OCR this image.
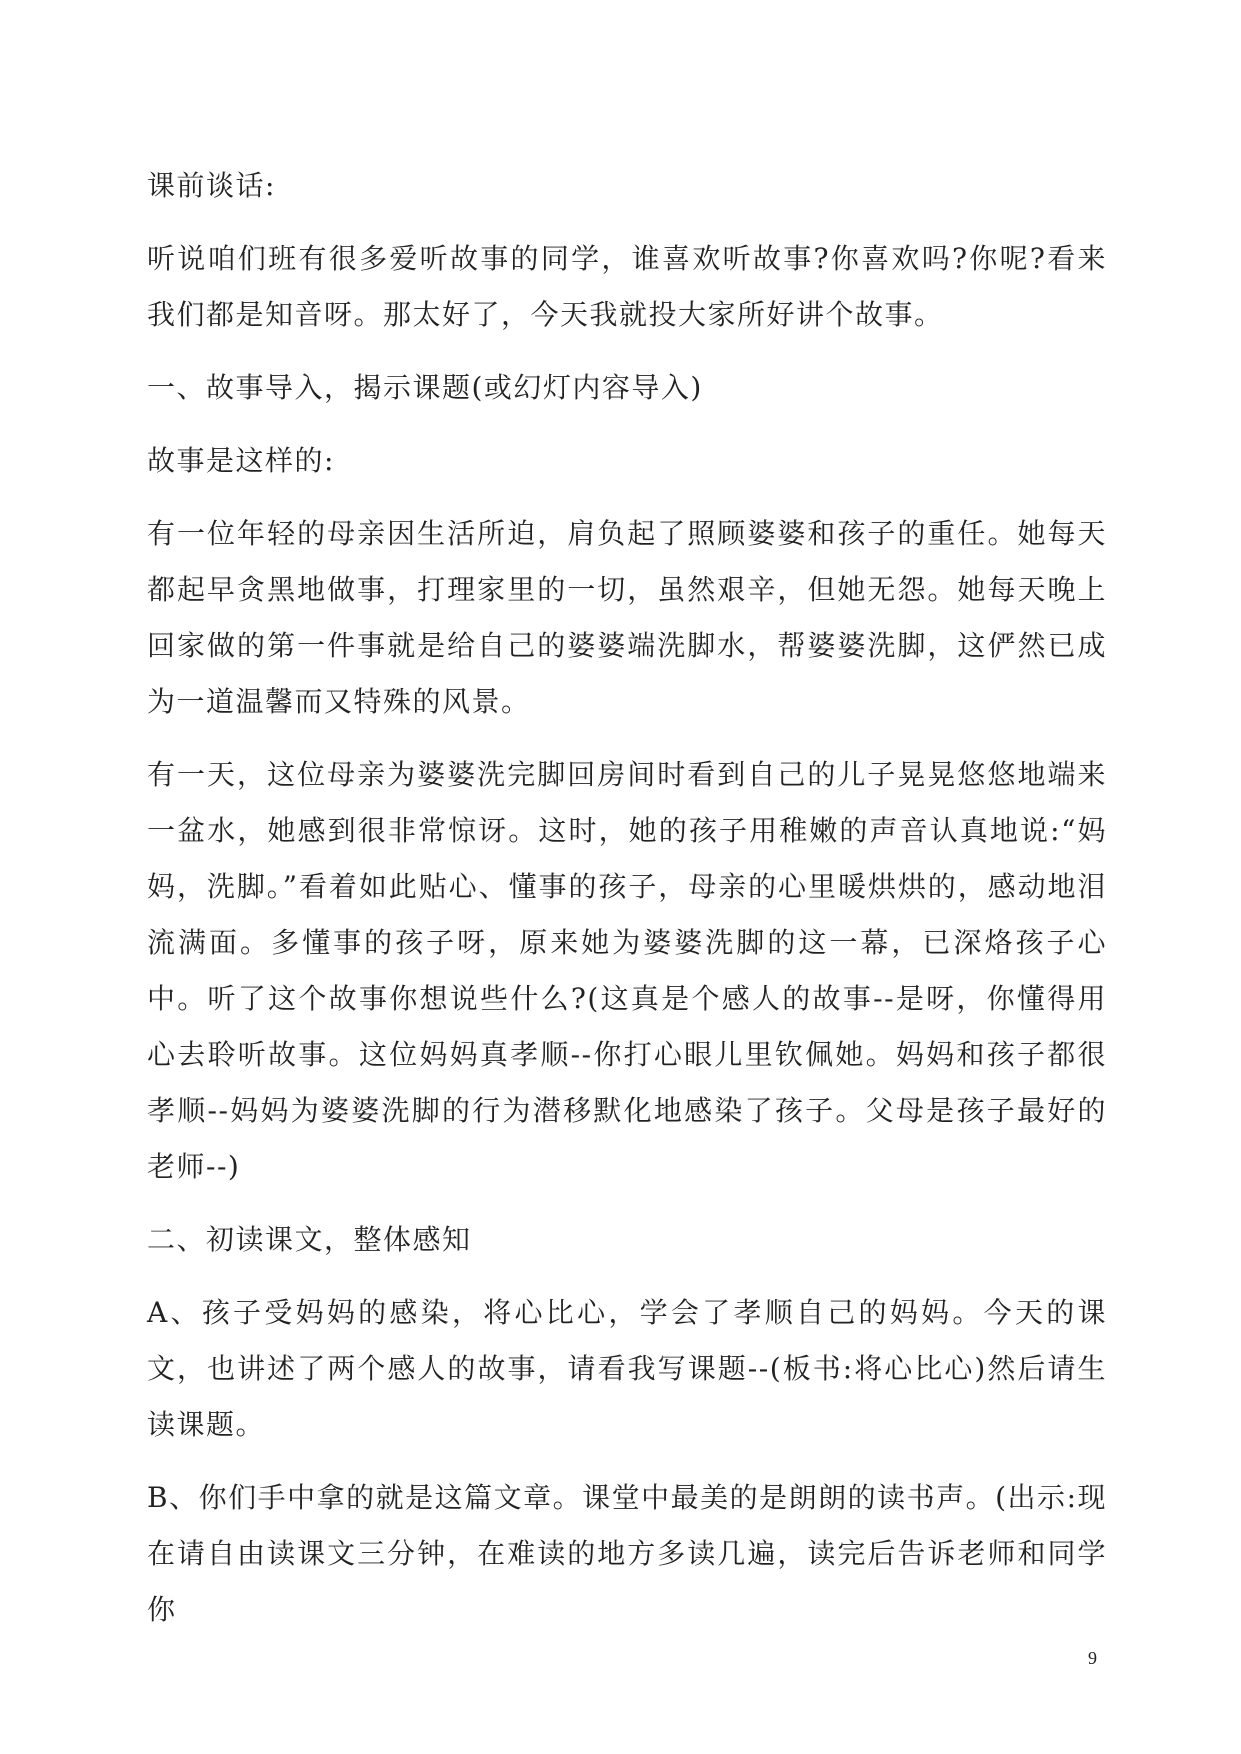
课前谈话:

听说咱们班有很多爱听故事的同学，谁喜欢听故事?你喜欢吗?你呢?看来我们都是知音呀。那太好了，今天我就投大家所好讲个故事。

一、故事导入，揭示课题(或幻灯内容导入)

故事是这样的:

有一位年轻的母亲因生活所迫，肩负起了照顾婆婆和孩子的重任。她每天都起早贪黑地做事，打理家里的一切，虽然艰辛，但她无怨。她每天晚上回家做的第一件事就是给自己的婆婆端洗脚水，帮婆婆洗脚，这俨然已成为一道温馨而又特殊的风景。

有一天，这位母亲为婆婆洗完脚回房间时看到自己的儿子晃晃悠悠地端来一盆水，她感到很非常惊讶。这时，她的孩子用稚嫩的声音认真地说:“妈妈，洗脚。”看着如此贴心、懂事的孩子，母亲的心里暖烘烘的，感动地泪流满面。多懂事的孩子呀，原来她为婆婆洗脚的这一幕，已深烙孩子心中。听了这个故事你想说些什么?(这真是个感人的故事--是呀，你懂得用心去聆听故事。这位妈妈真孝顺--你打心眼儿里钦佩她。妈妈和孩子都很孝顺--妈妈为婆婆洗脚的行为潜移默化地感染了孩子。父母是孩子最好的老师--)

二、初读课文，整体感知

A、孩子受妈妈的感染，将心比心，学会了孝顺自己的妈妈。今天的课文，也讲述了两个感人的故事，请看我写课题--(板书:将心比心)然后请生读课题。

B、你们手中拿的就是这篇文章。课堂中最美的是朗朗的读书声。(出示:现在请自由读课文三分钟，在难读的地方多读几遍，读完后告诉老师和同学你

9
